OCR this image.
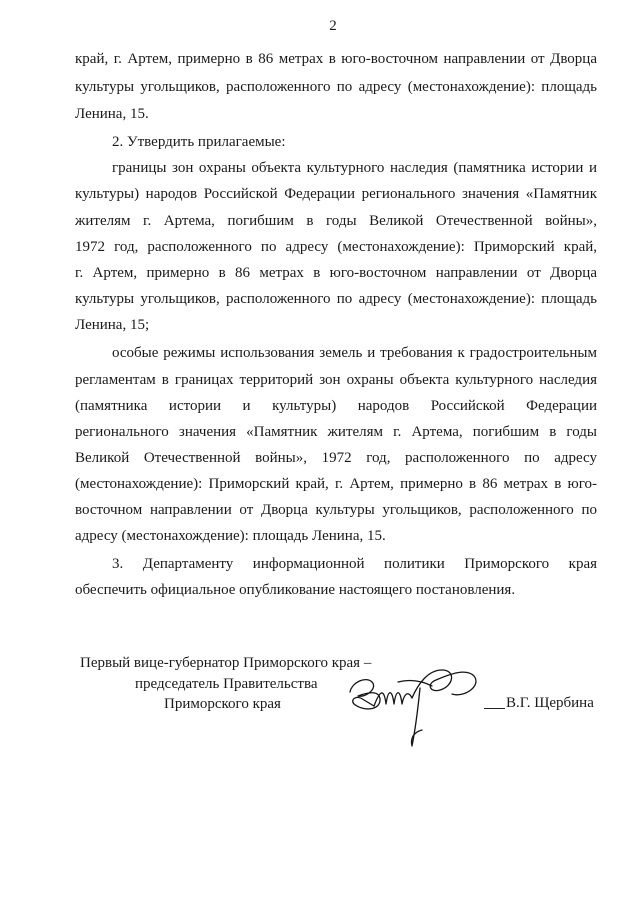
2
край, г. Артем, примерно в 86 метрах в юго-восточном направлении от Дворца
культуры угольщиков, расположенного по адресу (местонахождение): площадь
Ленина, 15.
2. Утвердить прилагаемые:
границы зон охраны объекта культурного наследия (памятника истории и
культуры) народов Российской Федерации регионального значения «Памятник
жителям г. Артема, погибшим в годы Великой Отечественной войны»,
1972 год, расположенного по адресу (местонахождение): Приморский край,
г. Артем, примерно в 86 метрах в юго-восточном направлении от Дворца
культуры угольщиков, расположенного по адресу (местонахождение): площадь
Ленина, 15;
особые режимы использования земель и требования к градостроительным
регламентам в границах территорий зон охраны объекта культурного наследия
(памятника истории и культуры) народов Российской Федерации
регионального значения «Памятник жителям г. Артема, погибшим в годы
Великой Отечественной войны», 1972 год, расположенного по адресу
(местонахождение): Приморский край, г. Артем, примерно в 86 метрах в юго-
восточном направлении от Дворца культуры угольщиков, расположенного по
адресу (местонахождение): площадь Ленина, 15.
3. Департаменту информационной политики Приморского края
обеспечить официальное опубликование настоящего постановления.
Первый вице-губернатор Приморского края –
председатель Правительства
Приморского края	В.Г. Щербина
